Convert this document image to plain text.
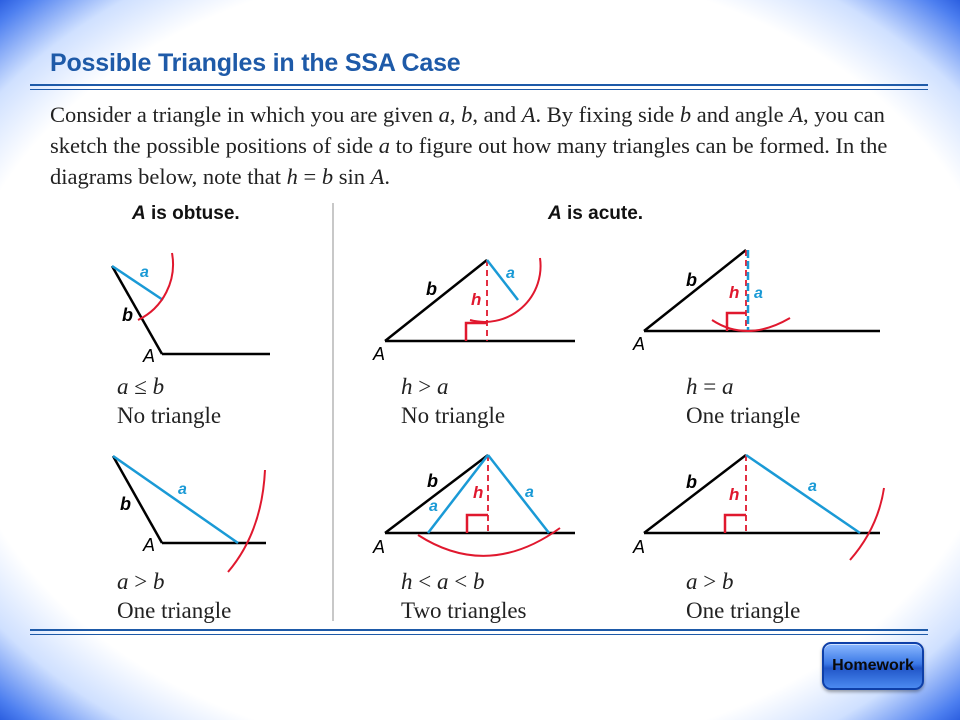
Possible Triangles in the SSA Case

Consider a triangle in which you are given a, b, and A. By fixing side b and angle A, you can sketch the possible positions of side a to figure out how many triangles can be formed. In the diagrams below, note that h = b sin A.

A is obtuse.	A is acute.
a
b
A
a ≤ b
No triangle
a
b
h
A
h > a
No triangle
b
h a
A
h = a
One triangle
a
b
A
a > b
One triangle
b
a
h	a
A
h < a < b
Two triangles
b
h	a
A
a > b
One triangle
Homework
